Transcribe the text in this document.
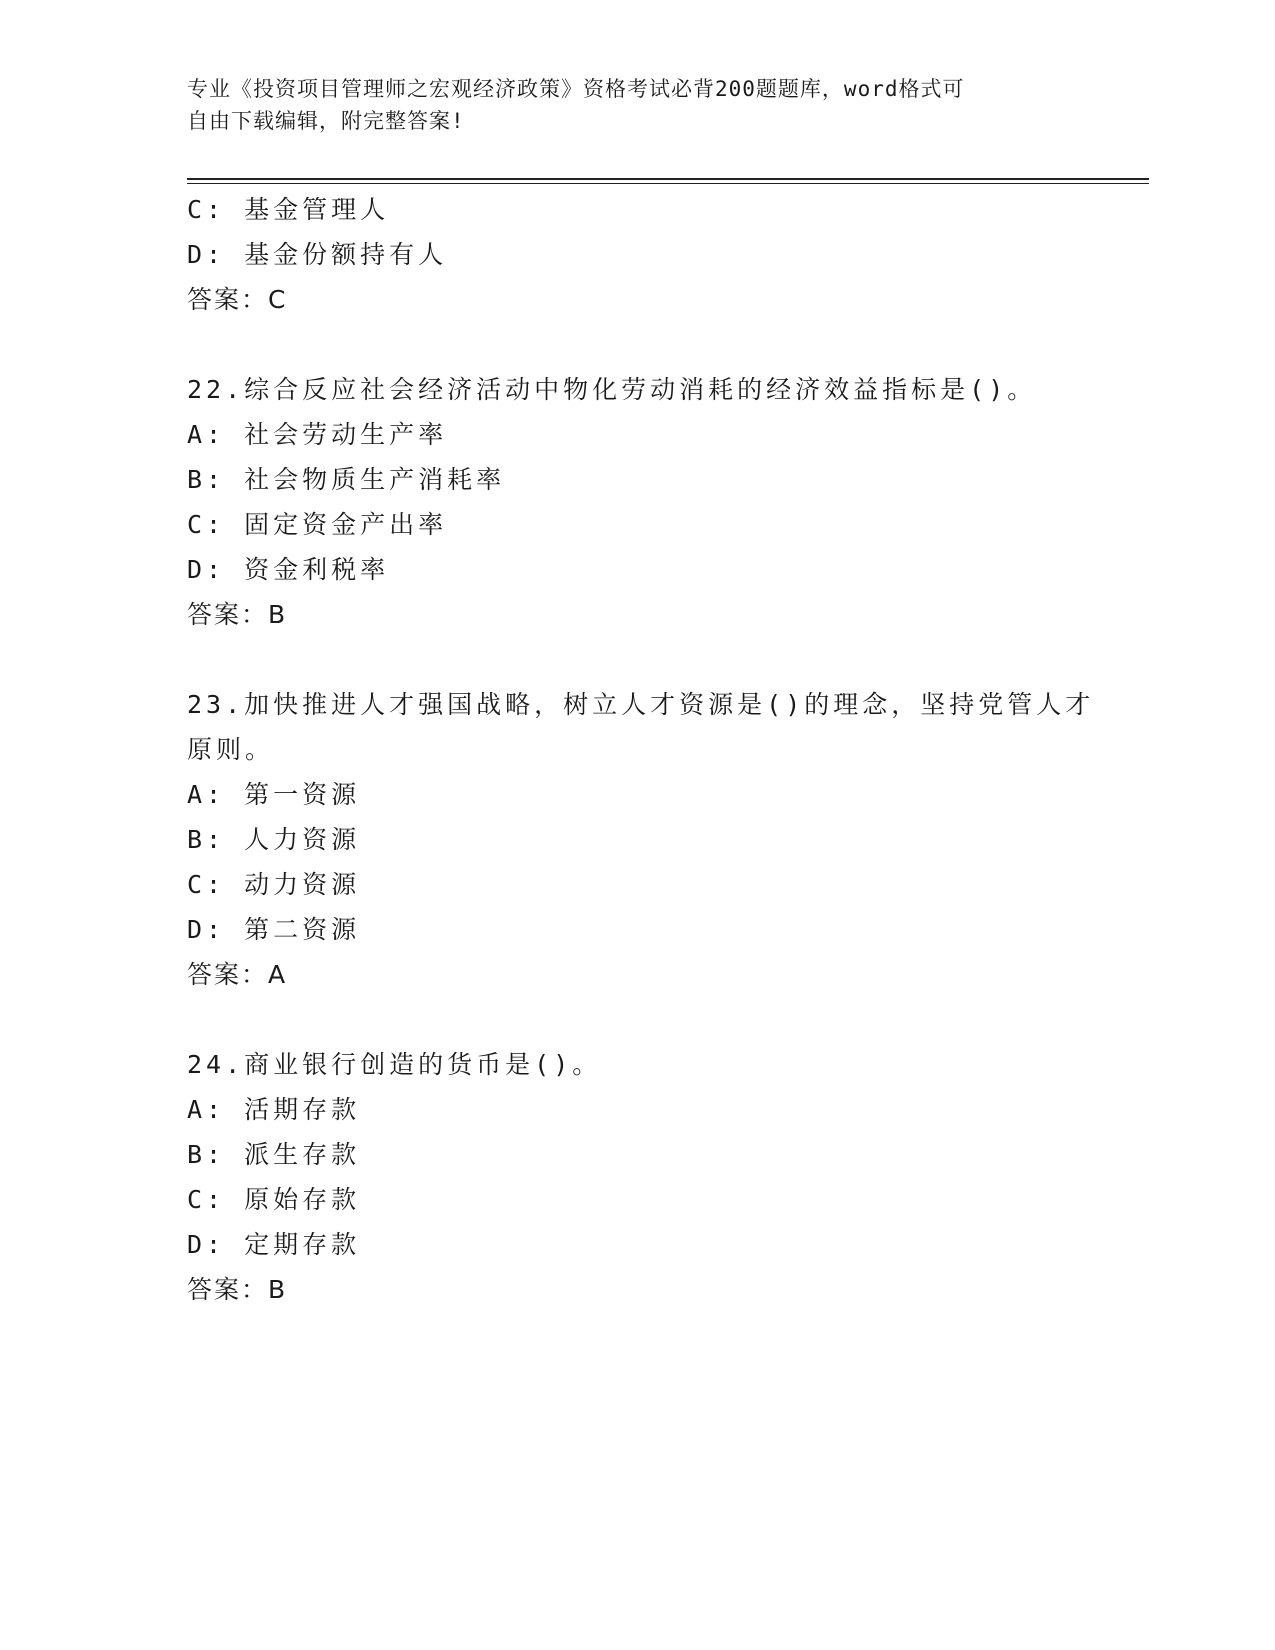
专业《投资项目管理师之宏观经济政策》资格考试必背200题题库，word格式可
自由下载编辑，附完整答案!

C: 基金管理人

D: 基金份额持有人

答案：C

22.综合反应社会经济活动中物化劳动消耗的经济效益指标是()。

A: 社会劳动生产率

B: 社会物质生产消耗率

C: 固定资金产出率

D: 资金利税率

答案：B

23.加快推进人才强国战略，树立人才资源是()的理念，坚持党管人才

原则。

A: 第一资源

B: 人力资源

C: 动力资源

D: 第二资源

答案：A

24.商业银行创造的货币是()。

A: 活期存款

B: 派生存款

C: 原始存款

D: 定期存款

答案：B
